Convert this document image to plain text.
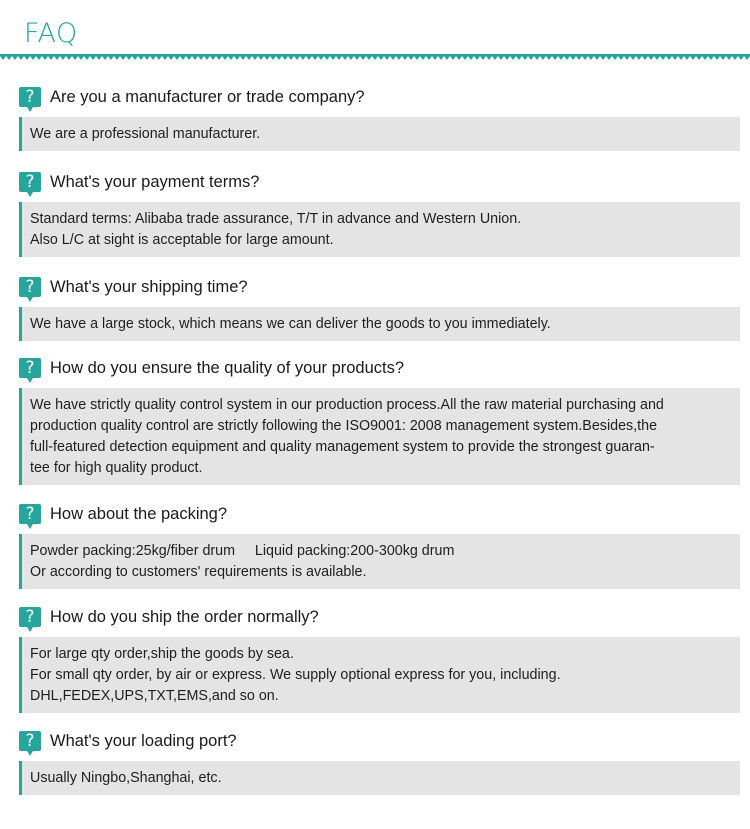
FAQ
? Are you a manufacturer or trade company?
We are a professional manufacturer.
? What's your payment terms?
Standard terms: Alibaba trade assurance, T/T in advance and Western Union.
Also L/C at sight is acceptable for large amount.
? What's your shipping time?
We have a large stock, which means we can deliver the goods to you immediately.
? How do you ensure the quality of your products?
We have strictly quality control system in our production process.All the raw material purchasing and
production quality control are strictly following the ISO9001: 2008 management system.Besides,the
full-featured detection equipment and quality management system to provide the strongest guaran-
tee for high quality product.
? How about the packing?
Powder packing:25kg/fiber drum     Liquid packing:200-300kg drum
Or according to customers' requirements is available.
? How do you ship the order normally?
For large qty order,ship the goods by sea.
For small qty order, by air or express. We supply optional express for you, including.
DHL,FEDEX,UPS,TXT,EMS,and so on.
? What's your loading port?
Usually Ningbo,Shanghai, etc.
